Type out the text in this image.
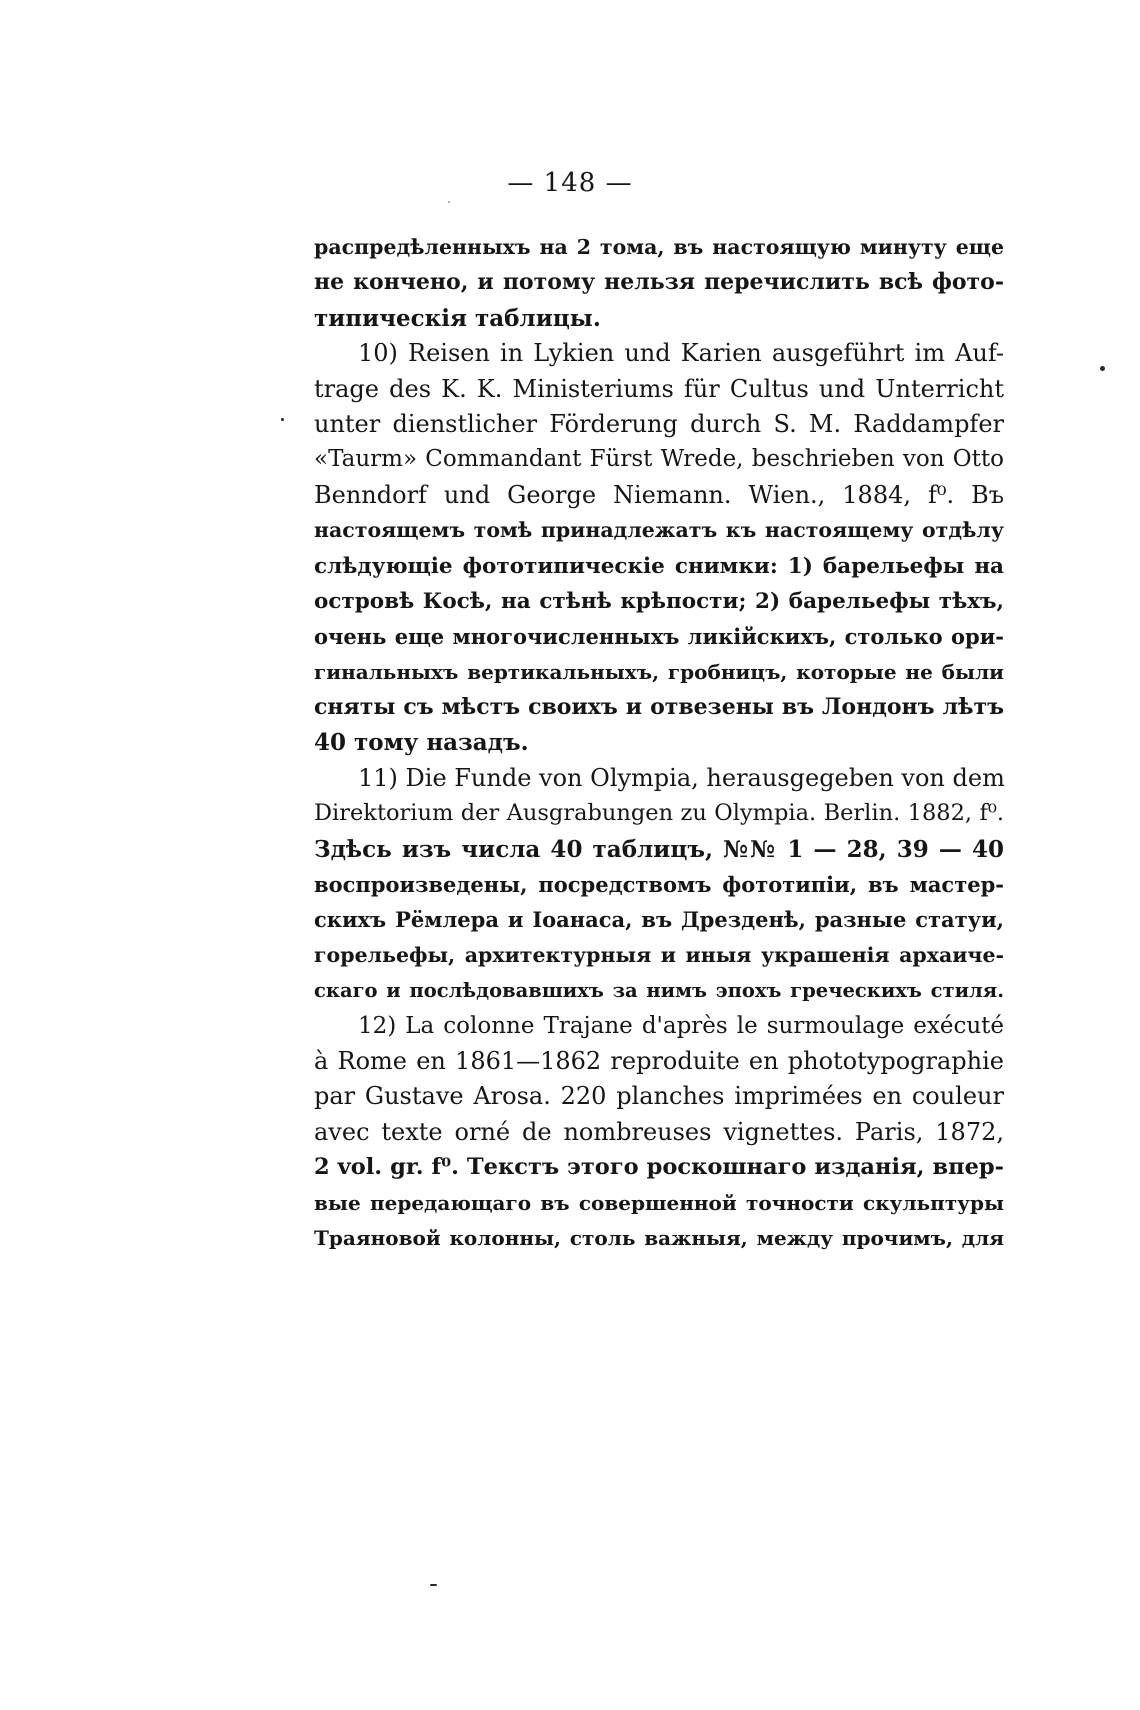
— 148 —
распредѣленныхъ на 2 тома, въ настоящую минуту еще
не кончено, и потому нельзя перечислить всѣ фото-
типическія таблицы.
10) Reisen in Lykien und Karien ausgeführt im Auf-
trage des K. K. Ministeriums für Cultus und Unterricht
unter dienstlicher Förderung durch S. M. Raddampfer
«Taurm» Commandant Fürst Wrede, beschrieben von Otto
Benndorf und George Niemann. Wien., 1884, f⁰. Въ
настоящемъ томѣ принадлежатъ къ настоящему отдѣлу
слѣдующіе фототипическіе снимки: 1) барельефы на
островѣ Косѣ, на стѣнѣ крѣпости; 2) барельефы тѣхъ,
очень еще многочисленныхъ ликійскихъ, столько ори-
гинальныхъ вертикальныхъ, гробницъ, которые не были
сняты съ мѣстъ своихъ и отвезены въ Лондонъ лѣтъ
40 тому назадъ.
11) Die Funde von Olympia, herausgegeben von dem
Direktorium der Ausgrabungen zu Olympia. Berlin. 1882, f⁰.
Здѣсь изъ числа 40 таблицъ, №№ 1 — 28, 39 — 40
воспроизведены, посредствомъ фототипіи, въ мастер-
скихъ Рёмлера и Іоанаса, въ Дрезденѣ, разные статуи,
горельефы, архитектурныя и иныя украшенія архаиче-
скаго и послѣдовавшихъ за нимъ эпохъ греческихъ стиля.
12) La colonne Trajane d'après le surmoulage exécuté
à Rome en 1861—1862 reproduite en phototypographie
par Gustave Arosa. 220 planches imprimées en couleur
avec texte orné de nombreuses vignettes. Paris, 1872,
2 vol. gr. f⁰. Текстъ этого роскошнаго изданія, впер-
вые передающаго въ совершенной точности скульптуры
Траяновой колонны, столь важныя, между прочимъ, для
